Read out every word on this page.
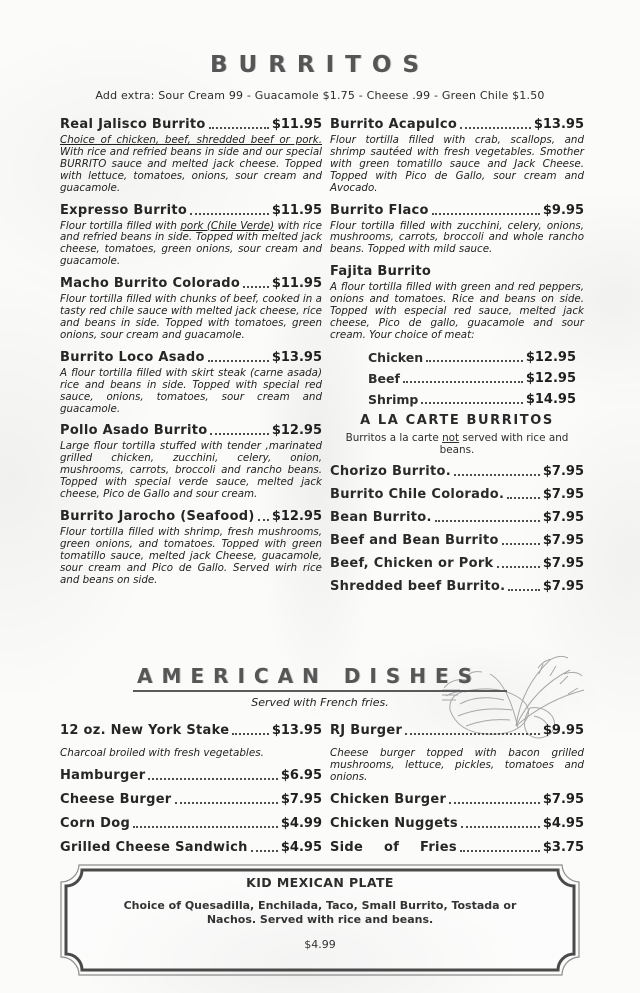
BURRITOS
Add extra: Sour Cream 99 - Guacamole $1.75 - Cheese .99 - Green Chile $1.50
Real Jalisco Burrito	$11.95

Choice of chicken, beef, shredded beef or pork. With rice and refried beans in side and our special BURRITO sauce and melted jack cheese. Topped with lettuce, tomatoes, onions, sour cream and guacamole.

Expresso Burrito	$11.95

Flour tortilla filled with pork (Chile Verde) with rice and refried beans in side. Topped with melted jack cheese, tomatoes, green onions, sour cream and guacamole.

Macho Burrito Colorado $11.95

Flour tortilla filled with chunks of beef, cooked in a tasty red chile sauce with melted jack cheese, rice and beans in side. Topped with tomatoes, green onions, sour cream and guacamole.

Burrito Loco Asado	$13.95

A flour tortilla filled with skirt steak (carne asada) rice and beans in side. Topped with special red sauce, onions, tomatoes, sour cream and guacamole.

Pollo Asado Burrito	$12.95

Large flour tortilla stuffed with tender ,marinated grilled chicken, zucchini, celery, onion, mushrooms, carrots, broccoli and rancho beans. Topped with special verde sauce, melted jack cheese, Pico de Gallo and sour cream.

Burrito Jarocho (Seafood) $12.95

Flour tortilla filled with shrimp, fresh mushrooms, green onions, and tomatoes. Topped with green tomatillo sauce, melted jack Cheese, guacamole, sour cream and Pico de Gallo. Served wirh rice and beans on side.

Burrito Acapulco	$13.95

Flour tortilla filled with crab, scallops, and shrimp sautéed with fresh vegetables. Smother with green tomatillo sauce and Jack Cheese. Topped with Pico de Gallo, sour cream and Avocado.

Burrito Flaco	$9.95

Flour tortilla filled with zucchini, celery, onions, mushrooms, carrots, broccoli and whole rancho beans. Topped with mild sauce.

Fajita Burrito

A flour tortilla filled with green and red peppers, onions and tomatoes. Rice and beans on side. Topped with especial red sauce, melted jack cheese, Pico de gallo, guacamole and sour cream. Your choice of meat:

Chicken	$12.95
Beef	$12.95
Shrimp	$14.95
A LA CARTE BURRITOS
Burritos a la carte not served with rice and beans.
Chorizo Burrito.	$7.95
Burrito Chile Colorado.	$7.95
Bean Burrito.	$7.95
Beef and Bean Burrito	$7.95
Beef, Chicken or Pork	$7.95
Shredded beef Burrito.	$7.95
AMERICAN DISHES
Served with French fries.
12 oz. New York Stake	$13.95

Charcoal broiled with fresh vegetables.

Hamburger	$6.95
Cheese Burger	$7.95
Corn Dog	$4.99
Grilled Cheese Sandwich	$4.95
RJ Burger	$9.95

Cheese burger topped with bacon grilled mushrooms, lettuce, pickles, tomatoes and onions.

Chicken Burger	$7.95
Chicken Nuggets	$4.95
Side of Fries	$3.75
KID MEXICAN PLATE
Choice of Quesadilla, Enchilada, Taco, Small Burrito, Tostada or Nachos. Served with rice and beans.
$4.99
